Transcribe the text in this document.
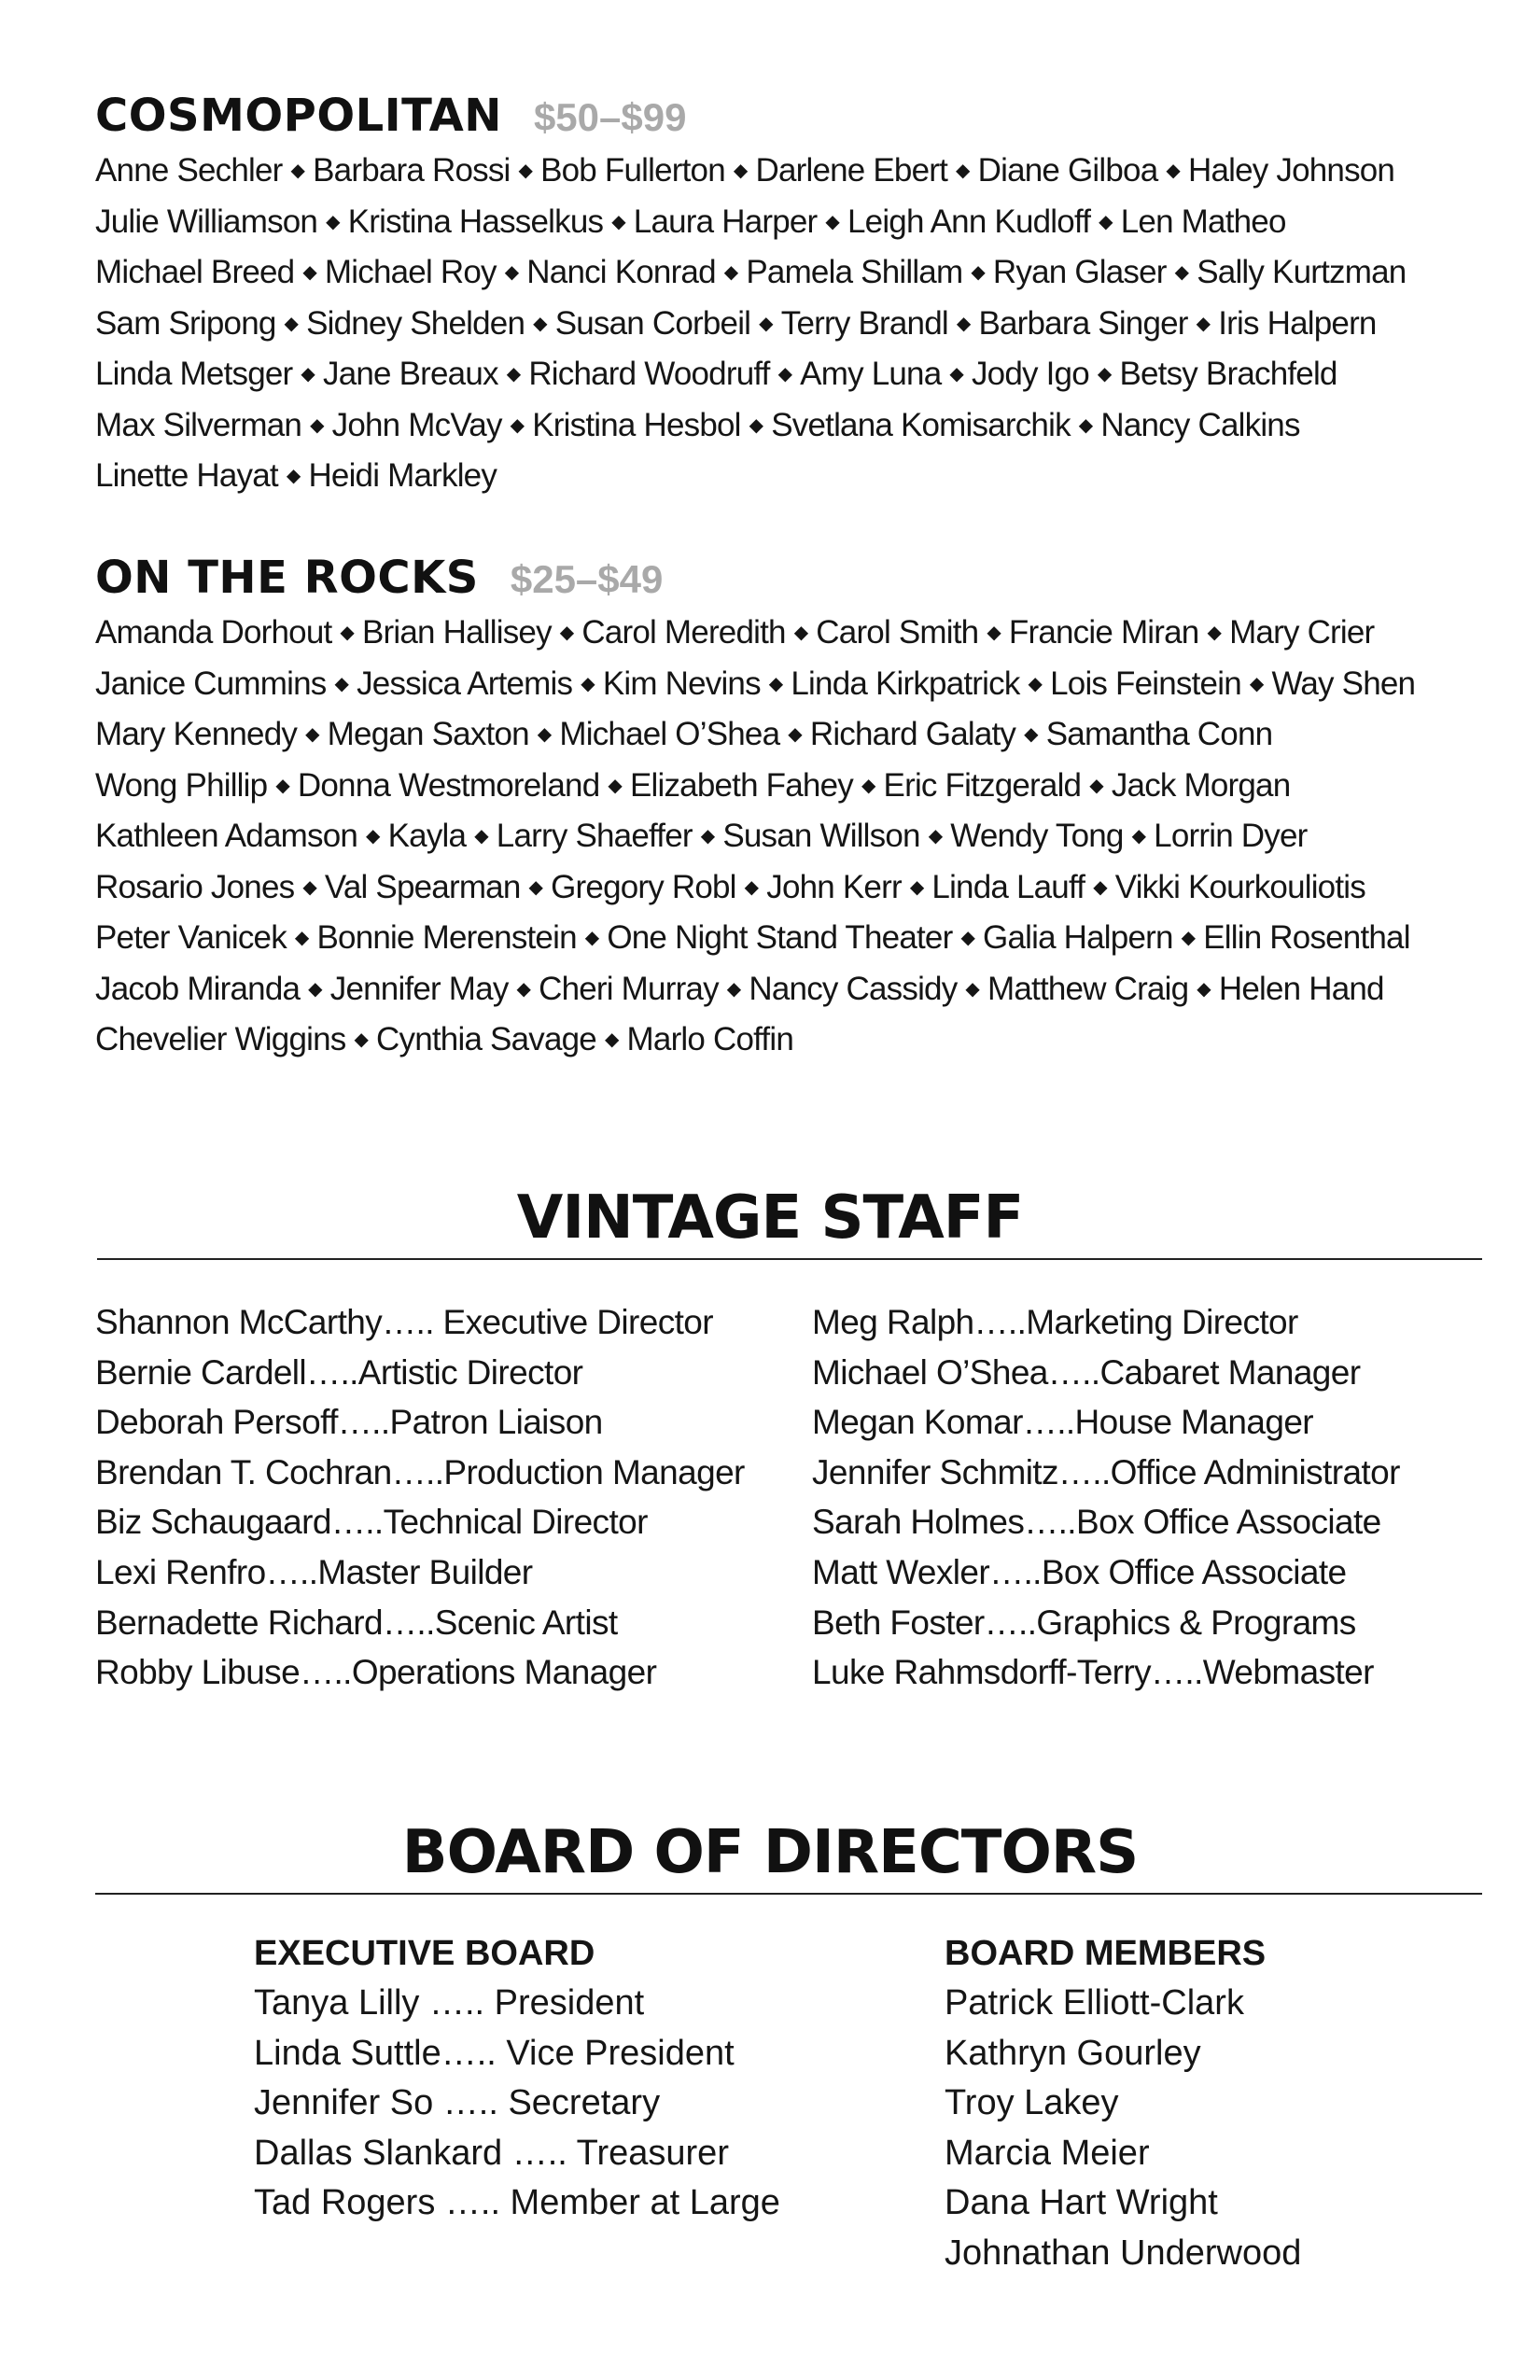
COSMOPOLITAN $50–$99
Anne Sechler ◆ Barbara Rossi ◆ Bob Fullerton ◆ Darlene Ebert ◆ Diane Gilboa ◆ Haley Johnson
Julie Williamson ◆ Kristina Hasselkus ◆ Laura Harper ◆ Leigh Ann Kudloff ◆ Len Matheo
Michael Breed ◆ Michael Roy ◆ Nanci Konrad ◆ Pamela Shillam ◆ Ryan Glaser ◆ Sally Kurtzman
Sam Sripong ◆ Sidney Shelden ◆ Susan Corbeil ◆ Terry Brandl ◆ Barbara Singer ◆ Iris Halpern
Linda Metsger ◆ Jane Breaux ◆ Richard Woodruff ◆ Amy Luna ◆ Jody Igo ◆ Betsy Brachfeld
Max Silverman ◆ John McVay ◆ Kristina Hesbol ◆ Svetlana Komisarchik ◆ Nancy Calkins
Linette Hayat ◆ Heidi Markley
ON THE ROCKS $25–$49
Amanda Dorhout ◆ Brian Hallisey ◆ Carol Meredith ◆ Carol Smith ◆ Francie Miran ◆ Mary Crier
Janice Cummins ◆ Jessica Artemis ◆ Kim Nevins ◆ Linda Kirkpatrick ◆ Lois Feinstein ◆ Way Shen
Mary Kennedy ◆ Megan Saxton ◆ Michael O’Shea ◆ Richard Galaty ◆ Samantha Conn
Wong Phillip ◆ Donna Westmoreland ◆ Elizabeth Fahey ◆ Eric Fitzgerald ◆ Jack Morgan
Kathleen Adamson ◆ Kayla ◆ Larry Shaeffer ◆ Susan Willson ◆ Wendy Tong ◆ Lorrin Dyer
Rosario Jones ◆ Val Spearman ◆ Gregory Robl ◆ John Kerr ◆ Linda Lauff ◆ Vikki Kourkouliotis
Peter Vanicek ◆ Bonnie Merenstein ◆ One Night Stand Theater ◆ Galia Halpern ◆ Ellin Rosenthal
Jacob Miranda ◆ Jennifer May ◆ Cheri Murray ◆ Nancy Cassidy ◆ Matthew Craig ◆ Helen Hand
Chevelier Wiggins ◆ Cynthia Savage ◆ Marlo Coffin
VINTAGE STAFF
Shannon McCarthy….. Executive Director
Bernie Cardell…..Artistic Director
Deborah Persoff…..Patron Liaison
Brendan T. Cochran…..Production Manager
Biz Schaugaard…..Technical Director
Lexi Renfro…..Master Builder
Bernadette Richard…..Scenic Artist
Robby Libuse…..Operations Manager
Meg Ralph…..Marketing Director
Michael O’Shea…..Cabaret Manager
Megan Komar…..House Manager
Jennifer Schmitz…..Office Administrator
Sarah Holmes…..Box Office Associate
Matt Wexler…..Box Office Associate
Beth Foster…..Graphics & Programs
Luke Rahmsdorff-Terry…..Webmaster
BOARD OF DIRECTORS
EXECUTIVE BOARD
Tanya Lilly ….. President
Linda Suttle….. Vice President
Jennifer So ….. Secretary
Dallas Slankard ….. Treasurer
Tad Rogers ….. Member at Large
BOARD MEMBERS
Patrick Elliott-Clark
Kathryn Gourley
Troy Lakey
Marcia Meier
Dana Hart Wright
Johnathan Underwood
